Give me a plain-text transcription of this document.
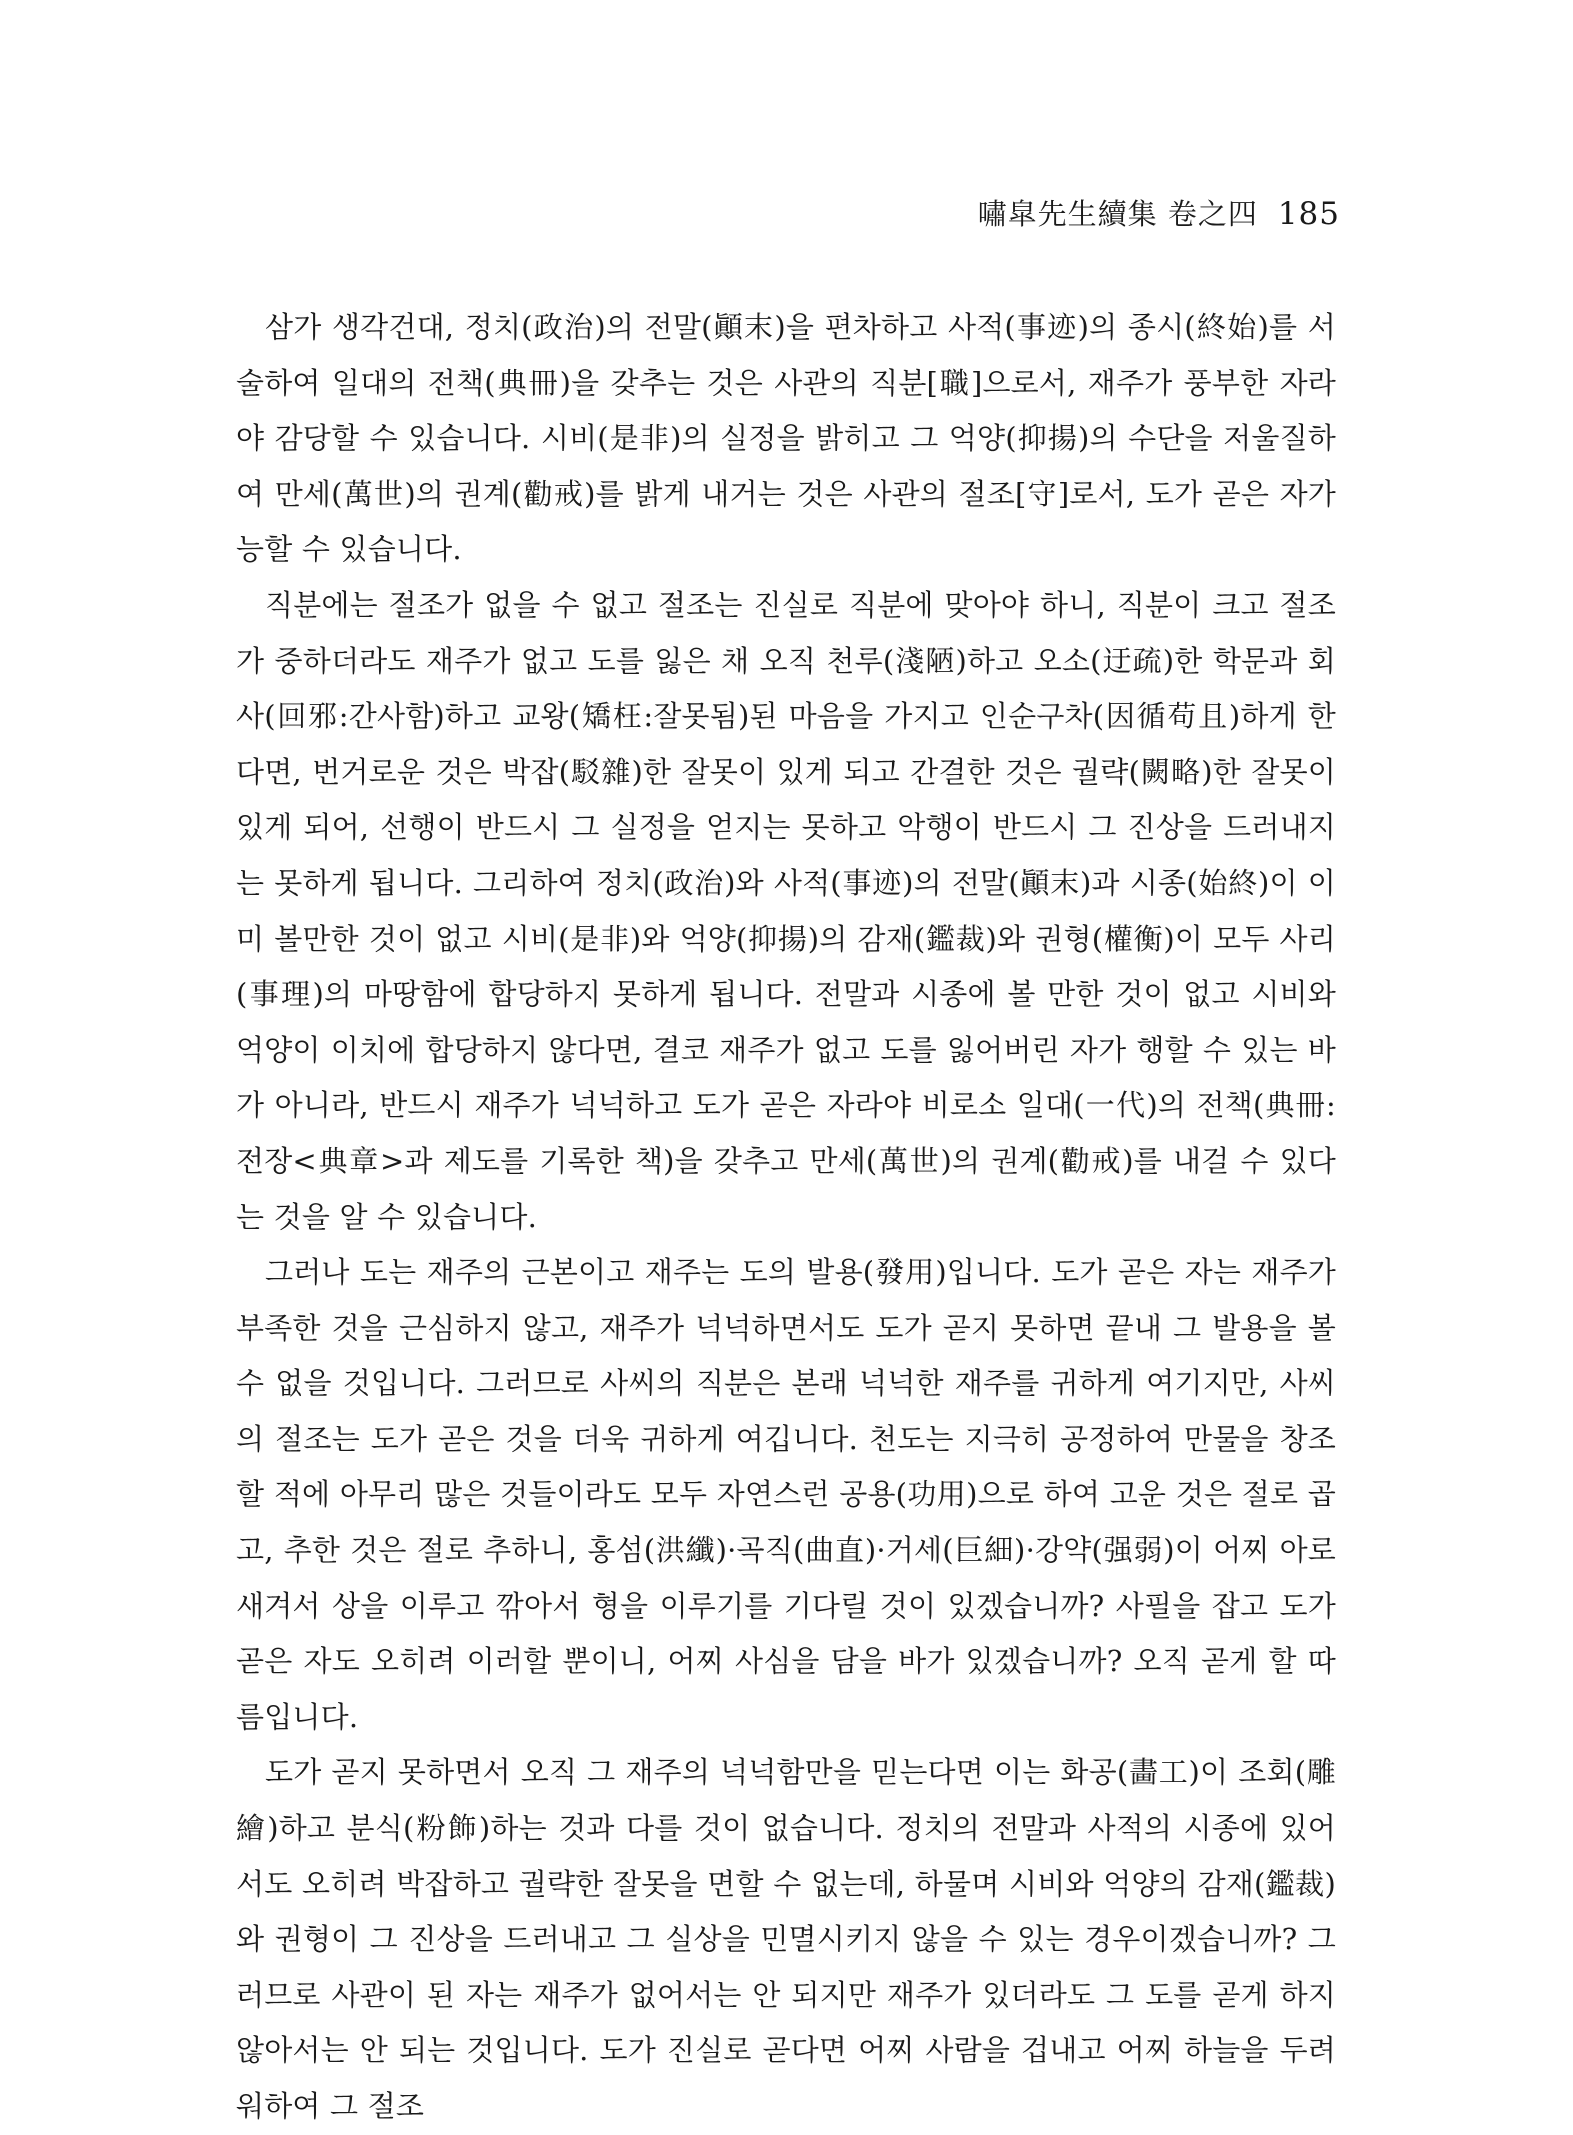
嘯皐先生續集 卷之四 185

삼가 생각건대, 정치(政治)의 전말(顚末)을 편차하고 사적(事迹)의 종시(終始)를 서술하여 일대의 전책(典冊)을 갖추는 것은 사관의 직분[職]으로서, 재주가 풍부한 자라야 감당할 수 있습니다. 시비(是非)의 실정을 밝히고 그 억양(抑揚)의 수단을 저울질하여 만세(萬世)의 권계(勸戒)를 밝게 내거는 것은 사관의 절조[守]로서, 도가 곧은 자가 능할 수 있습니다.

직분에는 절조가 없을 수 없고 절조는 진실로 직분에 맞아야 하니, 직분이 크고 절조가 중하더라도 재주가 없고 도를 잃은 채 오직 천루(淺陋)하고 오소(迂疏)한 학문과 회사(回邪:간사함)하고 교왕(矯枉:잘못됨)된 마음을 가지고 인순구차(因循苟且)하게 한다면, 번거로운 것은 박잡(駁雜)한 잘못이 있게 되고 간결한 것은 궐략(闕略)한 잘못이 있게 되어, 선행이 반드시 그 실정을 얻지는 못하고 악행이 반드시 그 진상을 드러내지는 못하게 됩니다. 그리하여 정치(政治)와 사적(事迹)의 전말(顚末)과 시종(始終)이 이미 볼만한 것이 없고 시비(是非)와 억양(抑揚)의 감재(鑑裁)와 권형(權衡)이 모두 사리(事理)의 마땅함에 합당하지 못하게 됩니다. 전말과 시종에 볼 만한 것이 없고 시비와 억양이 이치에 합당하지 않다면, 결코 재주가 없고 도를 잃어버린 자가 행할 수 있는 바가 아니라, 반드시 재주가 넉넉하고 도가 곧은 자라야 비로소 일대(一代)의 전책(典冊:전장<典章>과 제도를 기록한 책)을 갖추고 만세(萬世)의 권계(勸戒)를 내걸 수 있다는 것을 알 수 있습니다.

그러나 도는 재주의 근본이고 재주는 도의 발용(發用)입니다. 도가 곧은 자는 재주가 부족한 것을 근심하지 않고, 재주가 넉넉하면서도 도가 곧지 못하면 끝내 그 발용을 볼 수 없을 것입니다. 그러므로 사씨의 직분은 본래 넉넉한 재주를 귀하게 여기지만, 사씨의 절조는 도가 곧은 것을 더욱 귀하게 여깁니다. 천도는 지극히 공정하여 만물을 창조할 적에 아무리 많은 것들이라도 모두 자연스런 공용(功用)으로 하여 고운 것은 절로 곱고, 추한 것은 절로 추하니, 홍섬(洪纖)·곡직(曲直)·거세(巨細)·강약(强弱)이 어찌 아로새겨서 상을 이루고 깎아서 형을 이루기를 기다릴 것이 있겠습니까? 사필을 잡고 도가 곧은 자도 오히려 이러할 뿐이니, 어찌 사심을 담을 바가 있겠습니까? 오직 곧게 할 따름입니다.

도가 곧지 못하면서 오직 그 재주의 넉넉함만을 믿는다면 이는 화공(畵工)이 조회(雕繪)하고 분식(粉飾)하는 것과 다를 것이 없습니다. 정치의 전말과 사적의 시종에 있어서도 오히려 박잡하고 궐략한 잘못을 면할 수 없는데, 하물며 시비와 억양의 감재(鑑裁)와 권형이 그 진상을 드러내고 그 실상을 민멸시키지 않을 수 있는 경우이겠습니까? 그러므로 사관이 된 자는 재주가 없어서는 안 되지만 재주가 있더라도 그 도를 곧게 하지 않아서는 안 되는 것입니다. 도가 진실로 곧다면 어찌 사람을 겁내고 어찌 하늘을 두려워하여 그 절조
